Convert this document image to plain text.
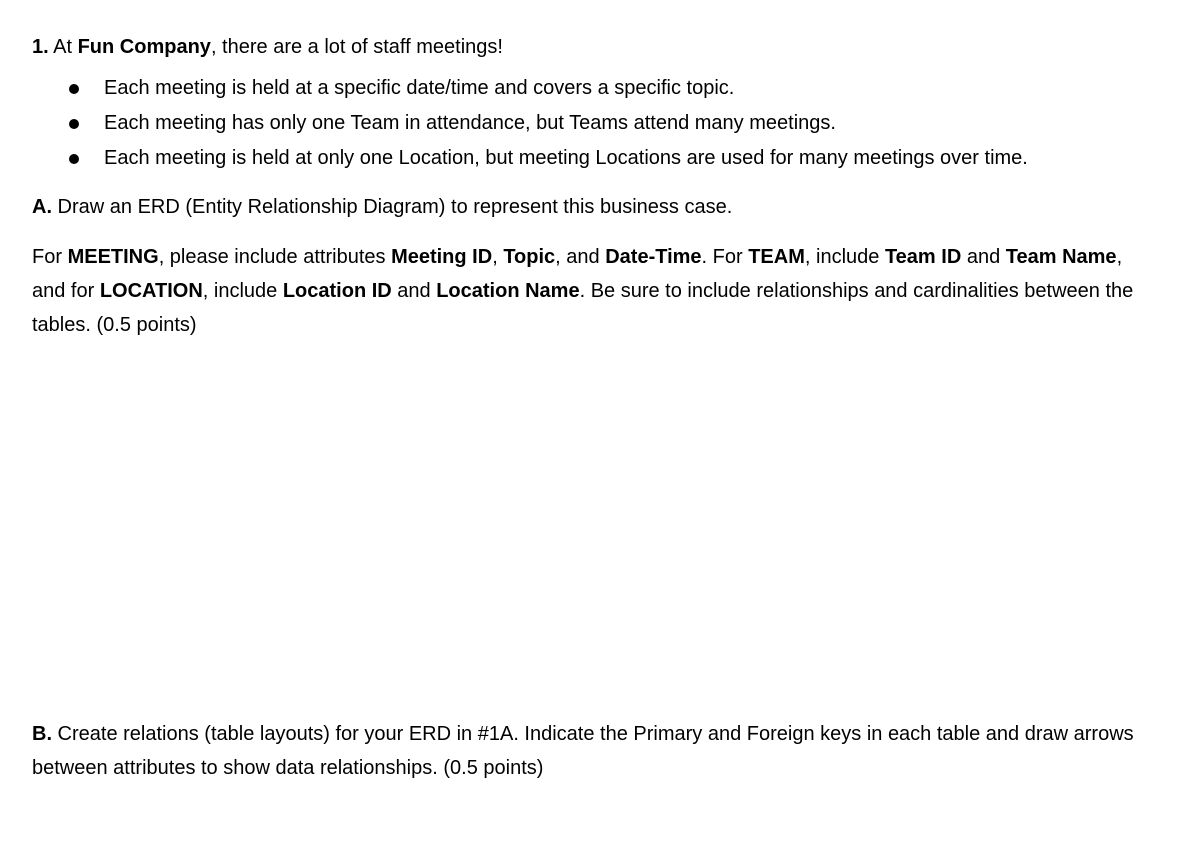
1. At Fun Company, there are a lot of staff meetings!

Each meeting is held at a specific date/time and covers a specific topic.
Each meeting has only one Team in attendance, but Teams attend many meetings.
Each meeting is held at only one Location, but meeting Locations are used for many meetings over time.

A. Draw an ERD (Entity Relationship Diagram) to represent this business case.

For MEETING, please include attributes Meeting ID, Topic, and Date-Time. For TEAM, include Team ID and Team Name, and for LOCATION, include Location ID and Location Name. Be sure to include relationships and cardinalities between the tables. (0.5 points)

B. Create relations (table layouts) for your ERD in #1A. Indicate the Primary and Foreign keys in each table and draw arrows between attributes to show data relationships. (0.5 points)
